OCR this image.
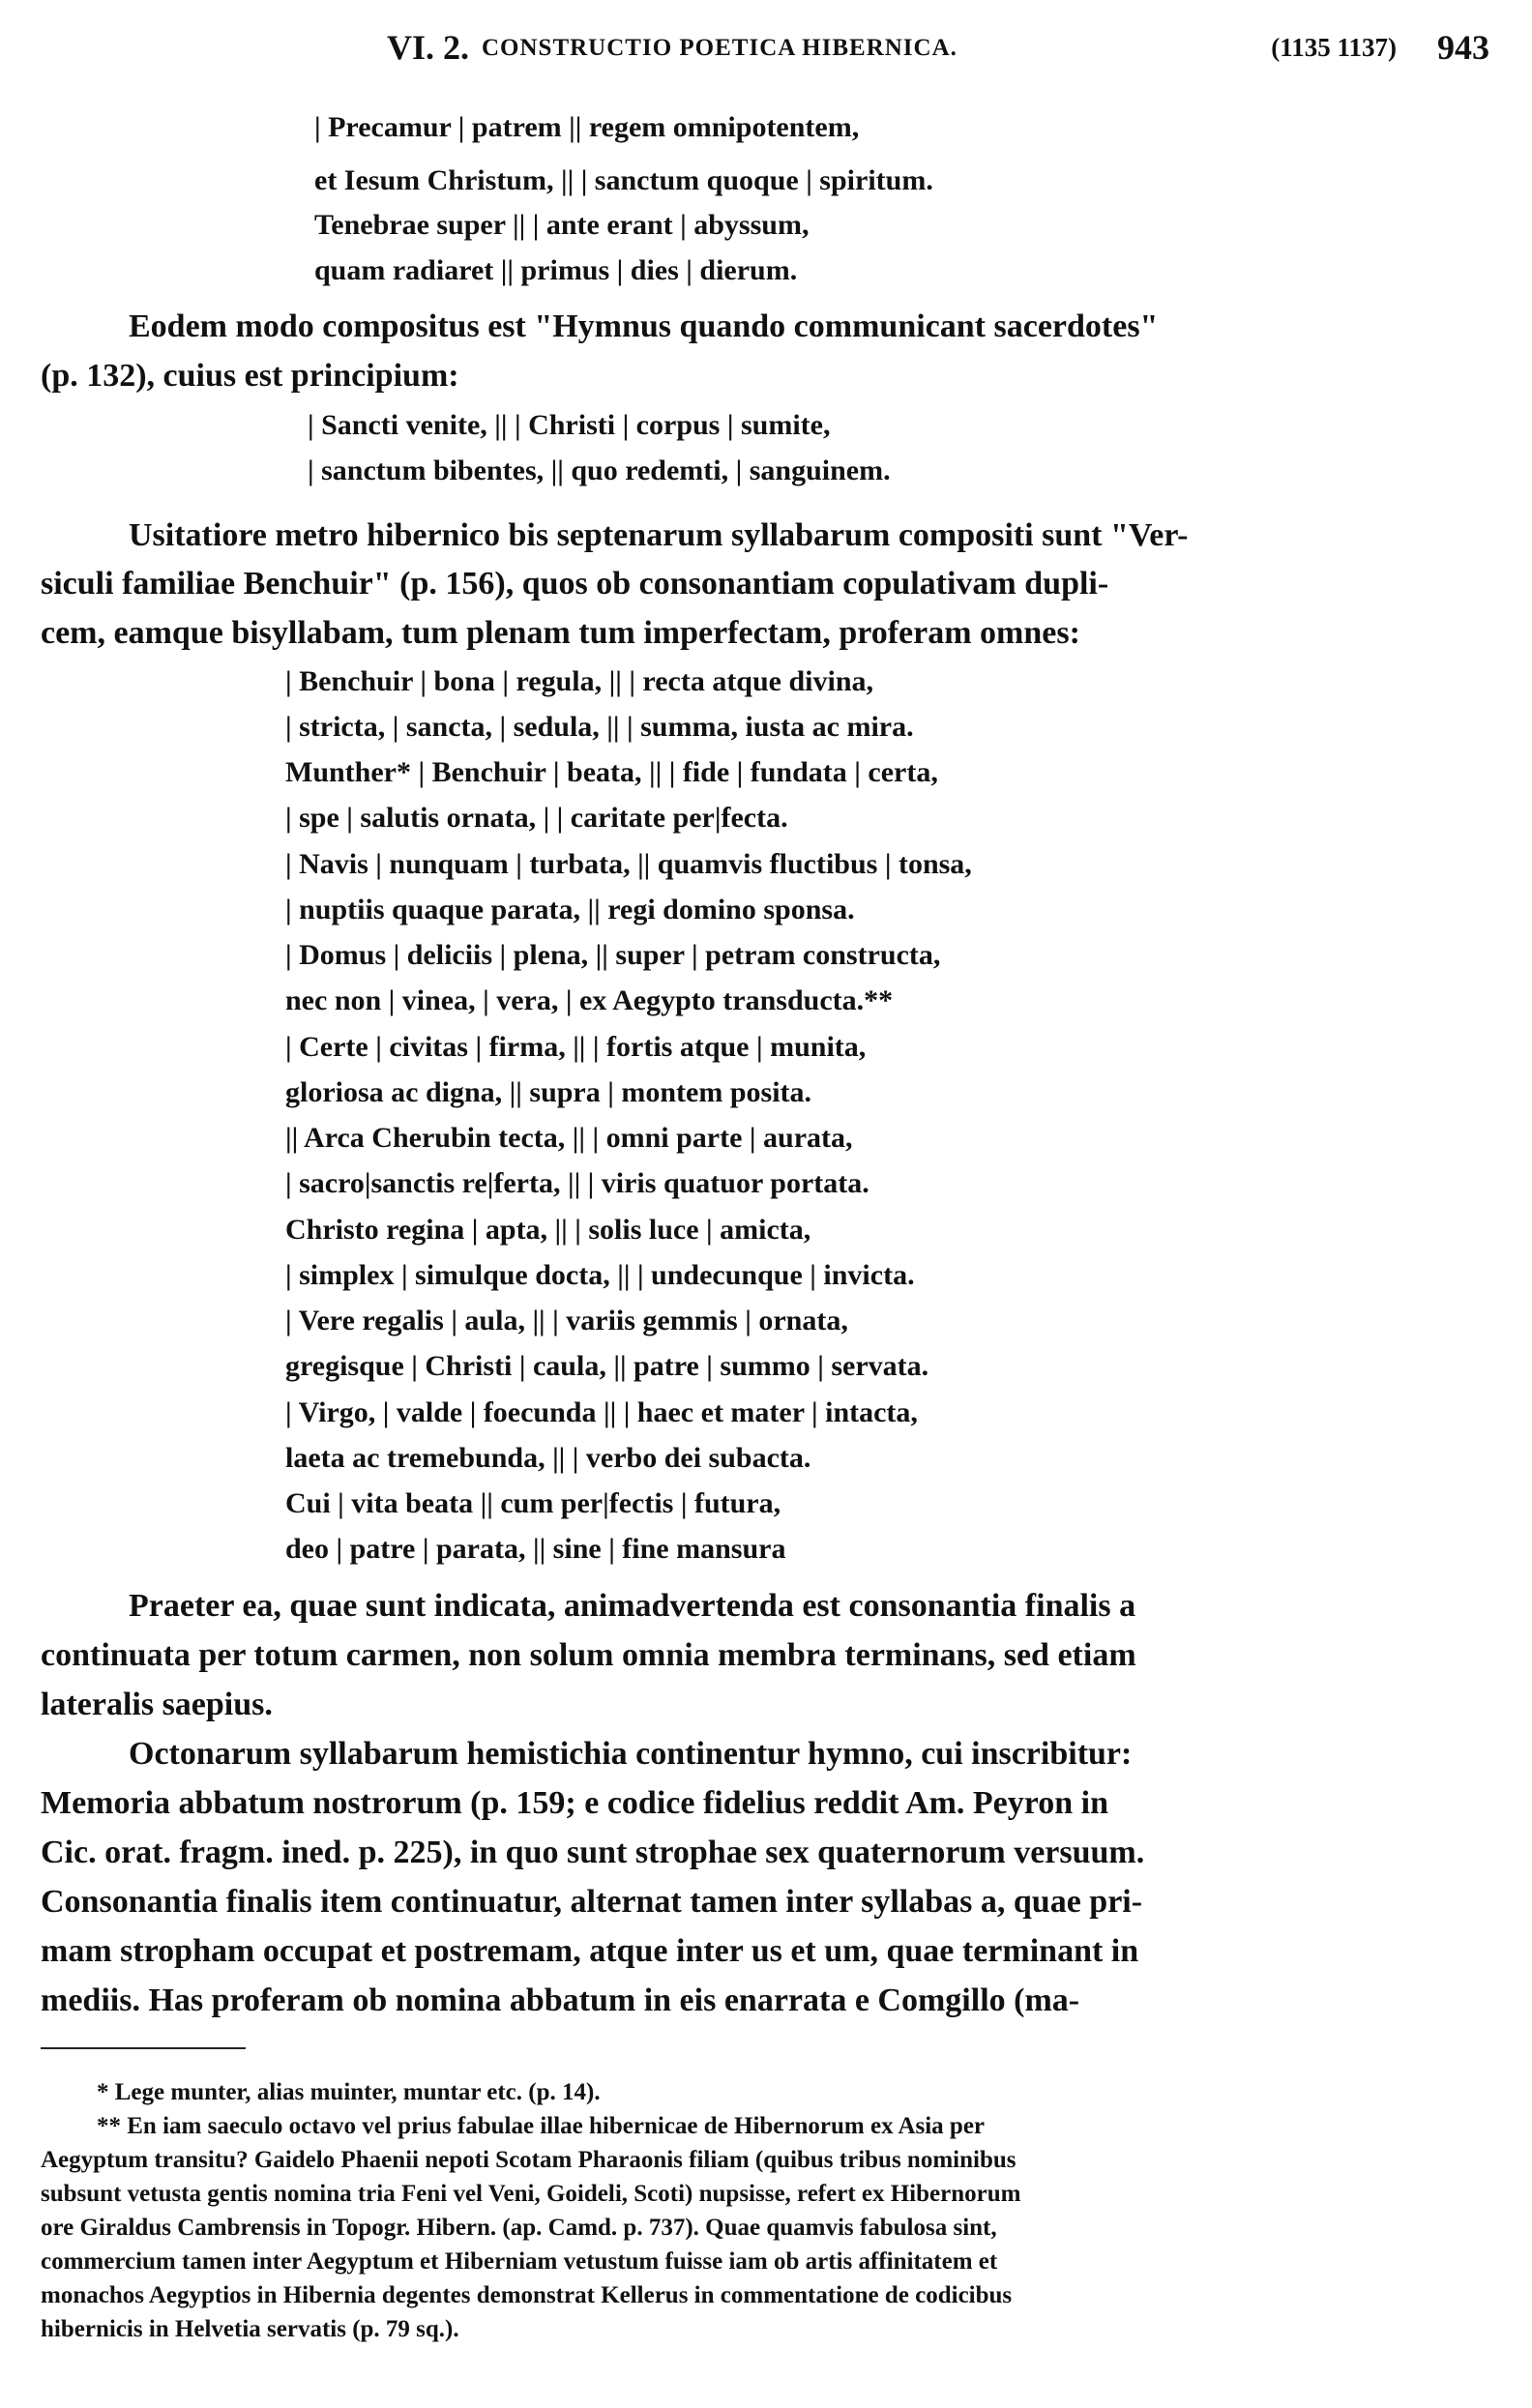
VI. 2. CONSTRUCTIO POETICA HIBERNICA.	(1135 1137) 943
| Precamur | patrem || regem omnipotentem,
et Iesum Christum, || | sanctum quoque | spiritum.
Tenebrae super || | ante erant | abyssum,
quam radiaret || primus | dies | dierum.
Eodem modo compositus est "Hymnus quando communicant sacerdotes"
(p. 132), cuius est principium:
| Sancti venite, || | Christi | corpus | sumite,
| sanctum bibentes, || quo redemti, | sanguinem.
Usitatiore metro hibernico bis septenarum syllabarum compositi sunt "Ver-
siculi familiae Benchuir" (p. 156), quos ob consonantiam copulativam dupli-
cem, eamque bisyllabam, tum plenam tum imperfectam, proferam omnes:
| Benchuir | bona | regula, || | recta atque divina,
| stricta, | sancta, | sedula, || | summa, iusta ac mira.
Munther* | Benchuir | beata, || | fide | fundata | certa,
| spe | salutis ornata, | | caritate per|fecta.
| Navis | nunquam | turbata, || quamvis fluctibus | tonsa,
| nuptiis quaque parata, || regi domino sponsa.
| Domus | deliciis | plena, || super | petram constructa,
nec non | vinea, | vera, | ex Aegypto transducta.**
| Certe | civitas | firma, || | fortis atque | munita,
gloriosa ac digna, || supra | montem posita.
|| Arca Cherubin tecta, || | omni parte | aurata,
| sacro|sanctis re|ferta, || | viris quatuor portata.
Christo regina | apta, || | solis luce | amicta,
| simplex | simulque docta, || | undecunque | invicta.
| Vere regalis | aula, || | variis gemmis | ornata,
gregisque | Christi | caula, || patre | summo | servata.
| Virgo, | valde | foecunda || | haec et mater | intacta,
laeta ac tremebunda, || | verbo dei subacta.
Cui | vita beata || cum per|fectis | futura,
deo | patre | parata, || sine | fine mansura
Praeter ea, quae sunt indicata, animadvertenda est consonantia finalis a
continuata per totum carmen, non solum omnia membra terminans, sed etiam
lateralis saepius.
Octonarum syllabarum hemistichia continentur hymno, cui inscribitur:
Memoria abbatum nostrorum (p. 159; e codice fidelius reddit Am. Peyron in
Cic. orat. fragm. ined. p. 225), in quo sunt strophae sex quaternorum versuum.
Consonantia finalis item continuatur, alternat tamen inter syllabas a, quae pri-
mam stropham occupat et postremam, atque inter us et um, quae terminant in
mediis. Has proferam ob nomina abbatum in eis enarrata e Comgillo (ma-
* Lege munter, alias muinter, muntar etc. (p. 14).
** En iam saeculo octavo vel prius fabulae illae hibernicae de Hibernorum ex Asia per
Aegyptum transitu? Gaidelo Phaenii nepoti Scotam Pharaonis filiam (quibus tribus nominibus
subsunt vetusta gentis nomina tria Feni vel Veni, Goideli, Scoti) nupsisse, refert ex Hibernorum
ore Giraldus Cambrensis in Topogr. Hibern. (ap. Camd. p. 737). Quae quamvis fabulosa sint,
commercium tamen inter Aegyptum et Hiberniam vetustum fuisse iam ob artis affinitatem et
monachos Aegyptios in Hibernia degentes demonstrat Kellerus in commentatione de codicibus
hibernicis in Helvetia servatis (p. 79 sq.).
